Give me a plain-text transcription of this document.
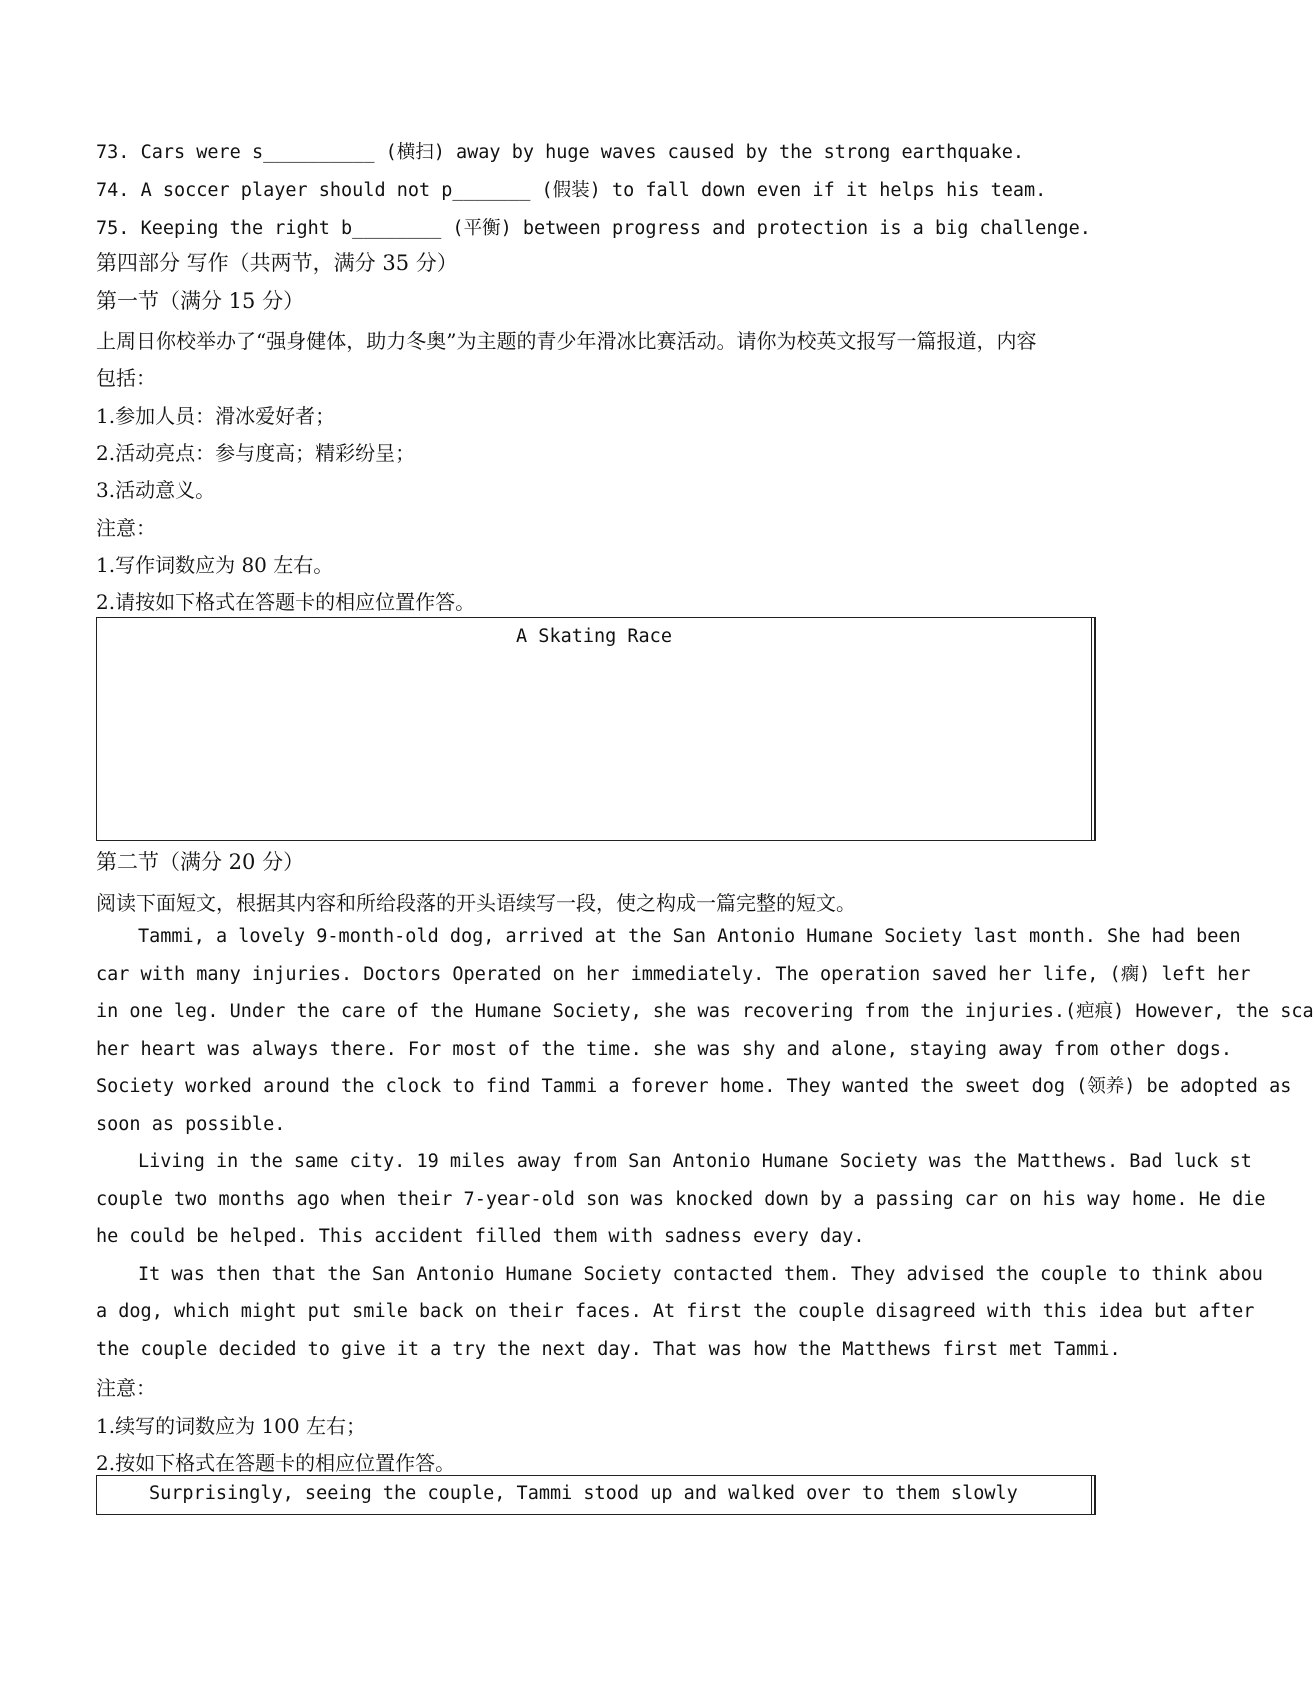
73. Cars were s__________ (横扫) away by huge waves caused by the strong earthquake.
74. A soccer player should not p_______ (假装) to fall down even if it helps his team.
75. Keeping the right b________ (平衡) between progress and protection is a big challenge.
第四部分 写作（共两节，满分 35 分）
第一节（满分 15 分）
上周日你校举办了“强身健体，助力冬奥”为主题的青少年滑冰比赛活动。请你为校英文报写一篇报道，内容
包括：
1.参加人员：滑冰爱好者；
2.活动亮点：参与度高；精彩纷呈；
3.活动意义。
注意：
1.写作词数应为 80 左右。
2.请按如下格式在答题卡的相应位置作答。
A Skating Race
第二节（满分 20 分）
阅读下面短文，根据其内容和所给段落的开头语续写一段，使之构成一篇完整的短文。
Tammi, a lovely 9-month-old dog, arrived at the San Antonio Humane Society last month. She had been
car with many injuries. Doctors Operated on her immediately. The operation saved her life, (瘸) left her
in one leg. Under the care of the Humane Society, she was recovering from the injuries.(疤痕) However, the sca
her heart was always there. For most of the time. she was shy and alone, staying away from other dogs.
Society worked around the clock to find Tammi a forever home. They wanted the sweet dog (领养) be adopted as
soon as possible.
Living in the same city. 19 miles away from San Antonio Humane Society was the Matthews. Bad luck st
couple two months ago when their 7-year-old son was knocked down by a passing car on his way home. He die
he could be helped. This accident filled them with sadness every day.
It was then that the San Antonio Humane Society contacted them. They advised the couple to think abou
a dog, which might put smile back on their faces. At first the couple disagreed with this idea but after
the couple decided to give it a try the next day. That was how the Matthews first met Tammi.
注意：
1.续写的词数应为 100 左右；
2.按如下格式在答题卡的相应位置作答。
Surprisingly, seeing the couple, Tammi stood up and walked over to them slowly
